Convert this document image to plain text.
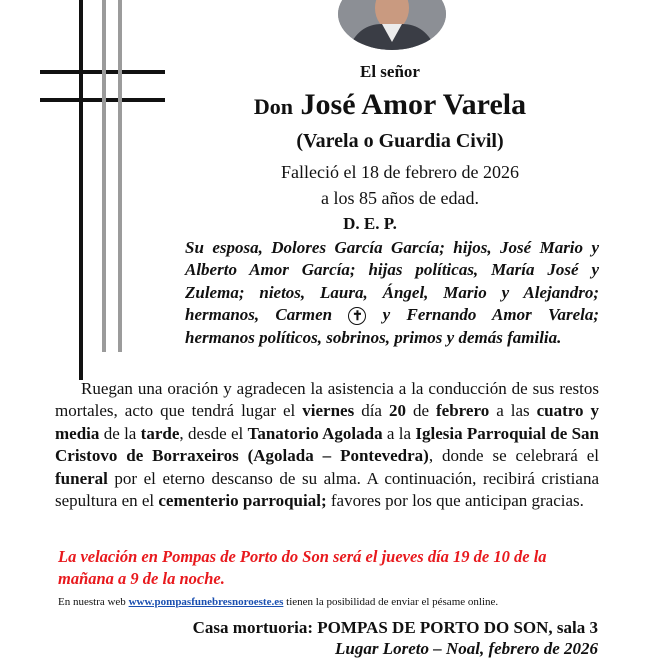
El señor
Don José Amor Varela
(Varela o Guardia Civil)
Falleció el 18 de febrero de 2026
a los 85 años de edad.
D. E. P.

Su esposa, Dolores García García; hijos, José Mario y Alberto Amor García; hijas políticas, María José y Zulema; nietos, Laura, Ángel, Mario y Alejandro; hermanos, Carmen ✝ y Fernando Amor Varela; hermanos políticos, sobrinos, primos y demás familia.

Ruegan una oración y agradecen la asistencia a la conducción de sus restos mortales, acto que tendrá lugar el viernes día 20 de febrero a las cuatro y media de la tarde, desde el Tanatorio Agolada a la Iglesia Parroquial de San Cristovo de Borraxeiros (Agolada – Pontevedra), donde se celebrará el funeral por el eterno descanso de su alma. A continuación, recibirá cristiana sepultura en el cementerio parroquial; favores por los que anticipan gracias.

La velación en Pompas de Porto do Son será el jueves día 19 de 10 de la mañana a 9 de la noche.
En nuestra web www.pompasfunebresnoroeste.es tienen la posibilidad de enviar el pésame online.
Casa mortuoria: POMPAS DE PORTO DO SON, sala 3
Lugar Loreto – Noal, febrero de 2026
